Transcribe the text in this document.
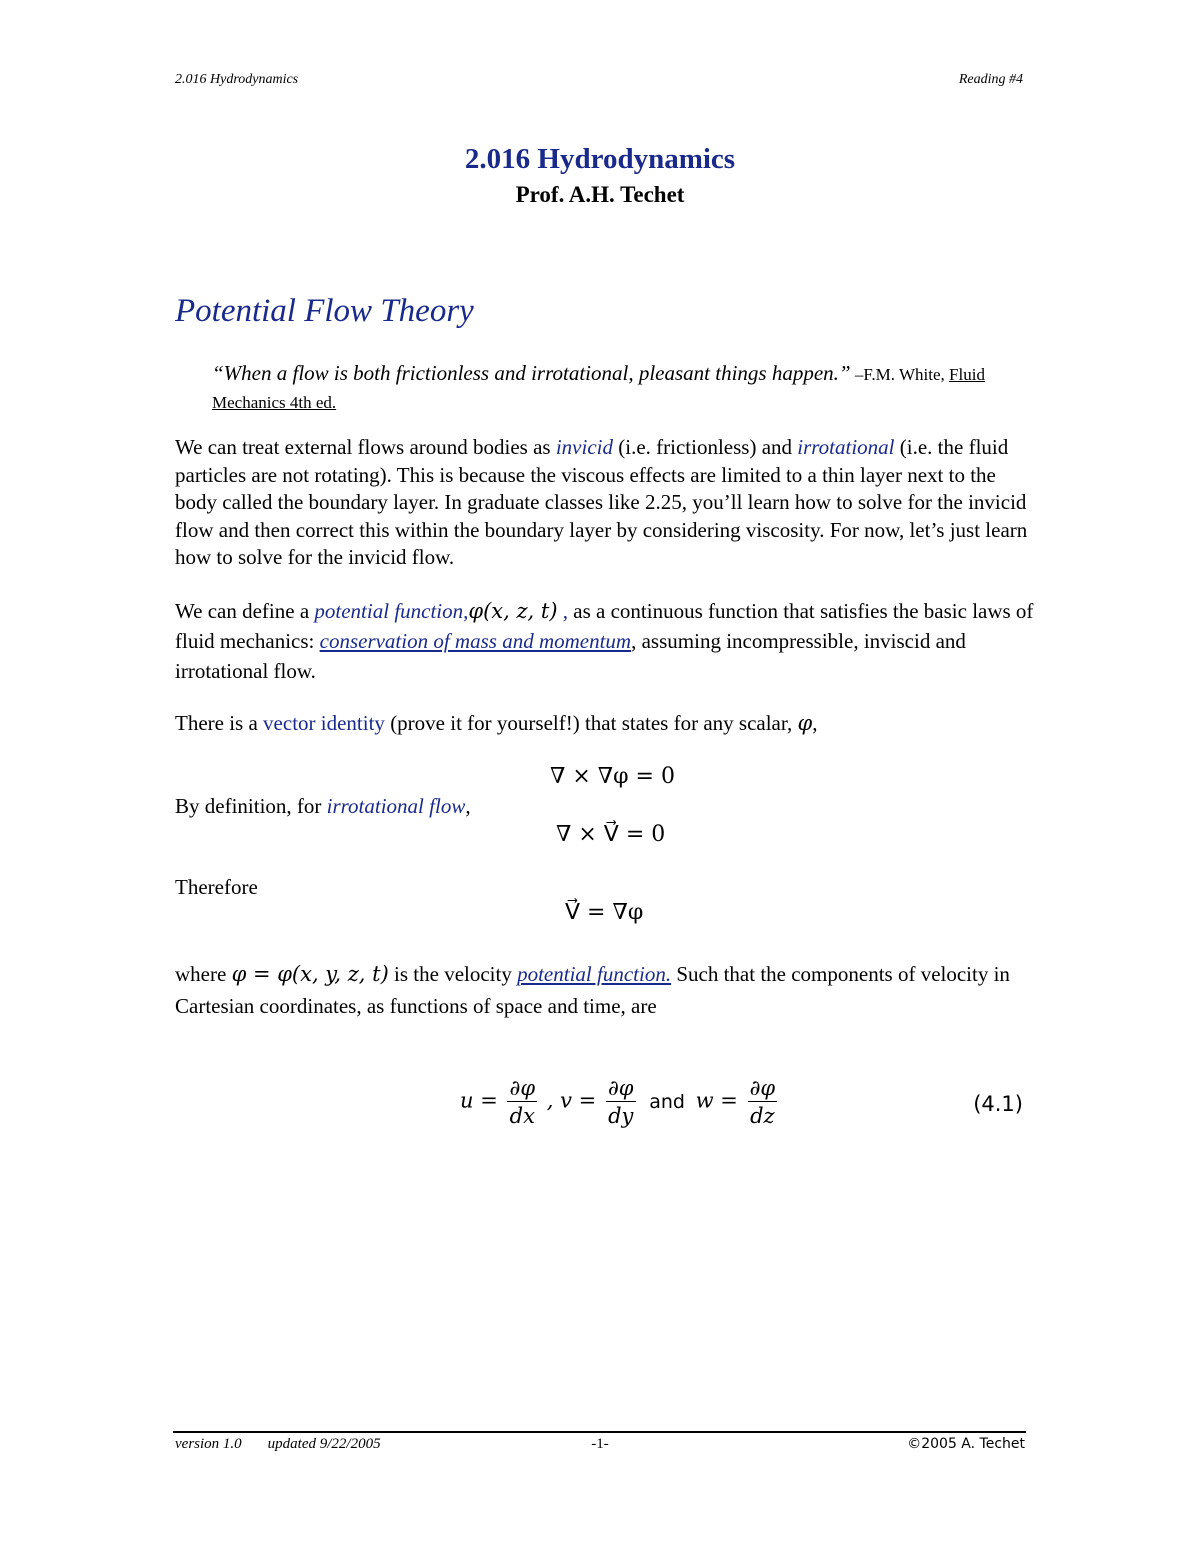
2.016 Hydrodynamics	Reading #4
2.016 Hydrodynamics
Prof. A.H. Techet
Potential Flow Theory
“When a flow is both frictionless and irrotational, pleasant things happen.” –F.M. White, Fluid Mechanics 4th ed.
We can treat external flows around bodies as invicid (i.e. frictionless) and irrotational (i.e. the fluid particles are not rotating). This is because the viscous effects are limited to a thin layer next to the body called the boundary layer. In graduate classes like 2.25, you’ll learn how to solve for the invicid flow and then correct this within the boundary layer by considering viscosity. For now, let’s just learn how to solve for the invicid flow.
We can define a potential function,φ(x, z, t) , as a continuous function that satisfies the basic laws of fluid mechanics: conservation of mass and momentum, assuming incompressible, inviscid and irrotational flow.
There is a vector identity (prove it for yourself!) that states for any scalar, φ,
∇ × ∇φ = 0
By definition, for irrotational flow,
∇ × V⃗ = 0
Therefore
V⃗ = ∇φ
where φ = φ(x, y, z, t) is the velocity potential function. Such that the components of velocity in Cartesian coordinates, as functions of space and time, are
$u = \frac{\partial\varphi}{dx}$ , $v = \frac{\partial\varphi}{dy}$ and $w = \frac{\partial\varphi}{dz}$	(4.1)
version 1.0 updated 9/22/2005	-1-	©2005 A. Techet
